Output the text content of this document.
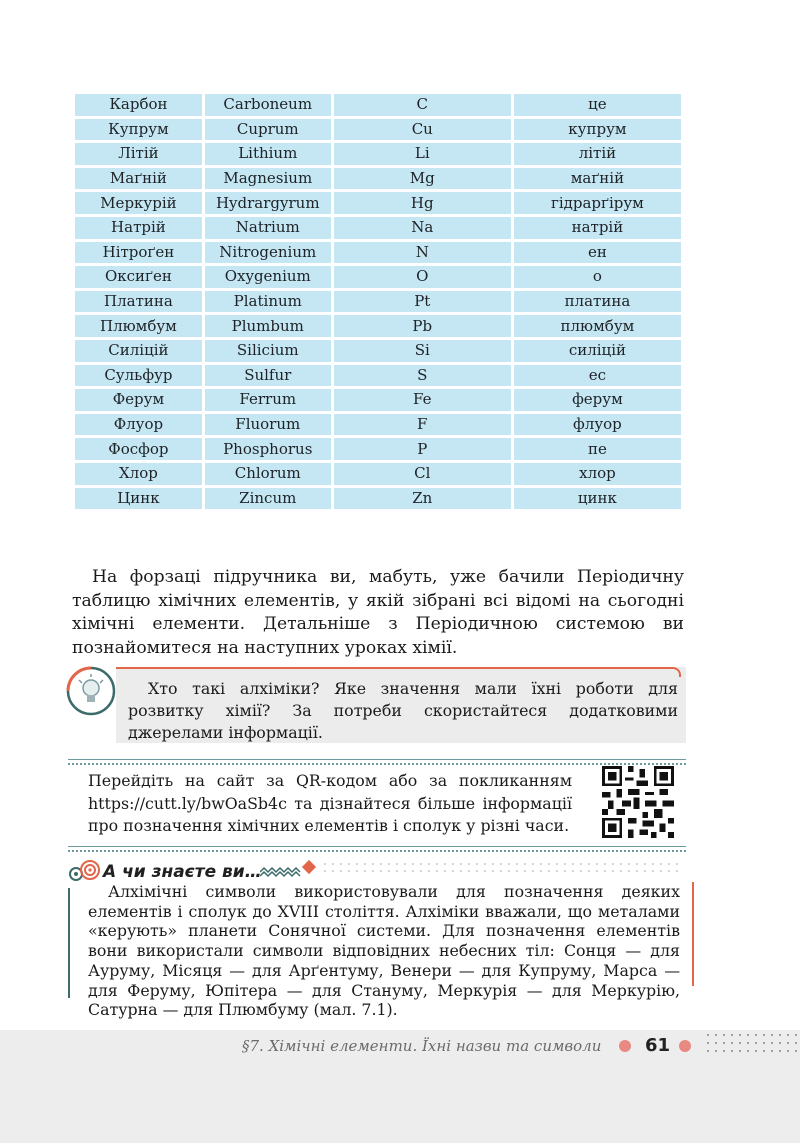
Карбон	Carboneum	C	це
Купрум	Cuprum	Cu	купрум
Літій	Lithium	Li	літій
Маґній	Magnesium	Mg	маґній
Меркурій	Hydrargyrum	Hg	гідрарґірум
Натрій	Natrium	Na	натрій
Нітроґен	Nitrogenium	N	ен
Оксиґен	Oxygenium	O	о
Платина	Platinum	Pt	платина
Плюмбум	Plumbum	Pb	плюмбум
Силіцій	Silicium	Si	силіцій
Сульфур	Sulfur	S	ес
Ферум	Ferrum	Fe	ферум
Флуор	Fluorum	F	флуор
Фосфор	Phosphorus	P	пе
Хлор	Chlorum	Cl	хлор
Цинк	Zincum	Zn	цинк

На форзаці підручника ви, мабуть, уже бачили Періодичну таблицю хімічних елементів, у якій зібрані всі відомі на сьогодні хімічні елементи. Детальніше з Періодичною системою ви познайомитеся на наступних уроках хімії.

Хто такі алхіміки? Яке значення мали їхні роботи для розвитку хімії? За потреби скористайтеся додатковими джерелами інформації.

Перейдіть на сайт за QR-кодом або за покликанням https://cutt.ly/bwOaSb4c та дізнайтеся більше інформації про позначення хімічних елементів і сполук у різні часи.

А чи знаєте ви…

Алхімічні символи використовували для позначення деяких елементів і сполук до XVIII століття. Алхіміки вважали, що металами «керують» планети Сонячної системи. Для позначення елементів вони використали символи відповідних небесних тіл: Сонця — для Ауруму, Місяця — для Арґентуму, Венери — для Купруму, Марса — для Феруму, Юпітера — для Стануму, Меркурія — для Меркурію, Сатурна — для Плюмбуму (мал. 7.1).

§7. Хімічні елементи. Їхні назви та символи 61
